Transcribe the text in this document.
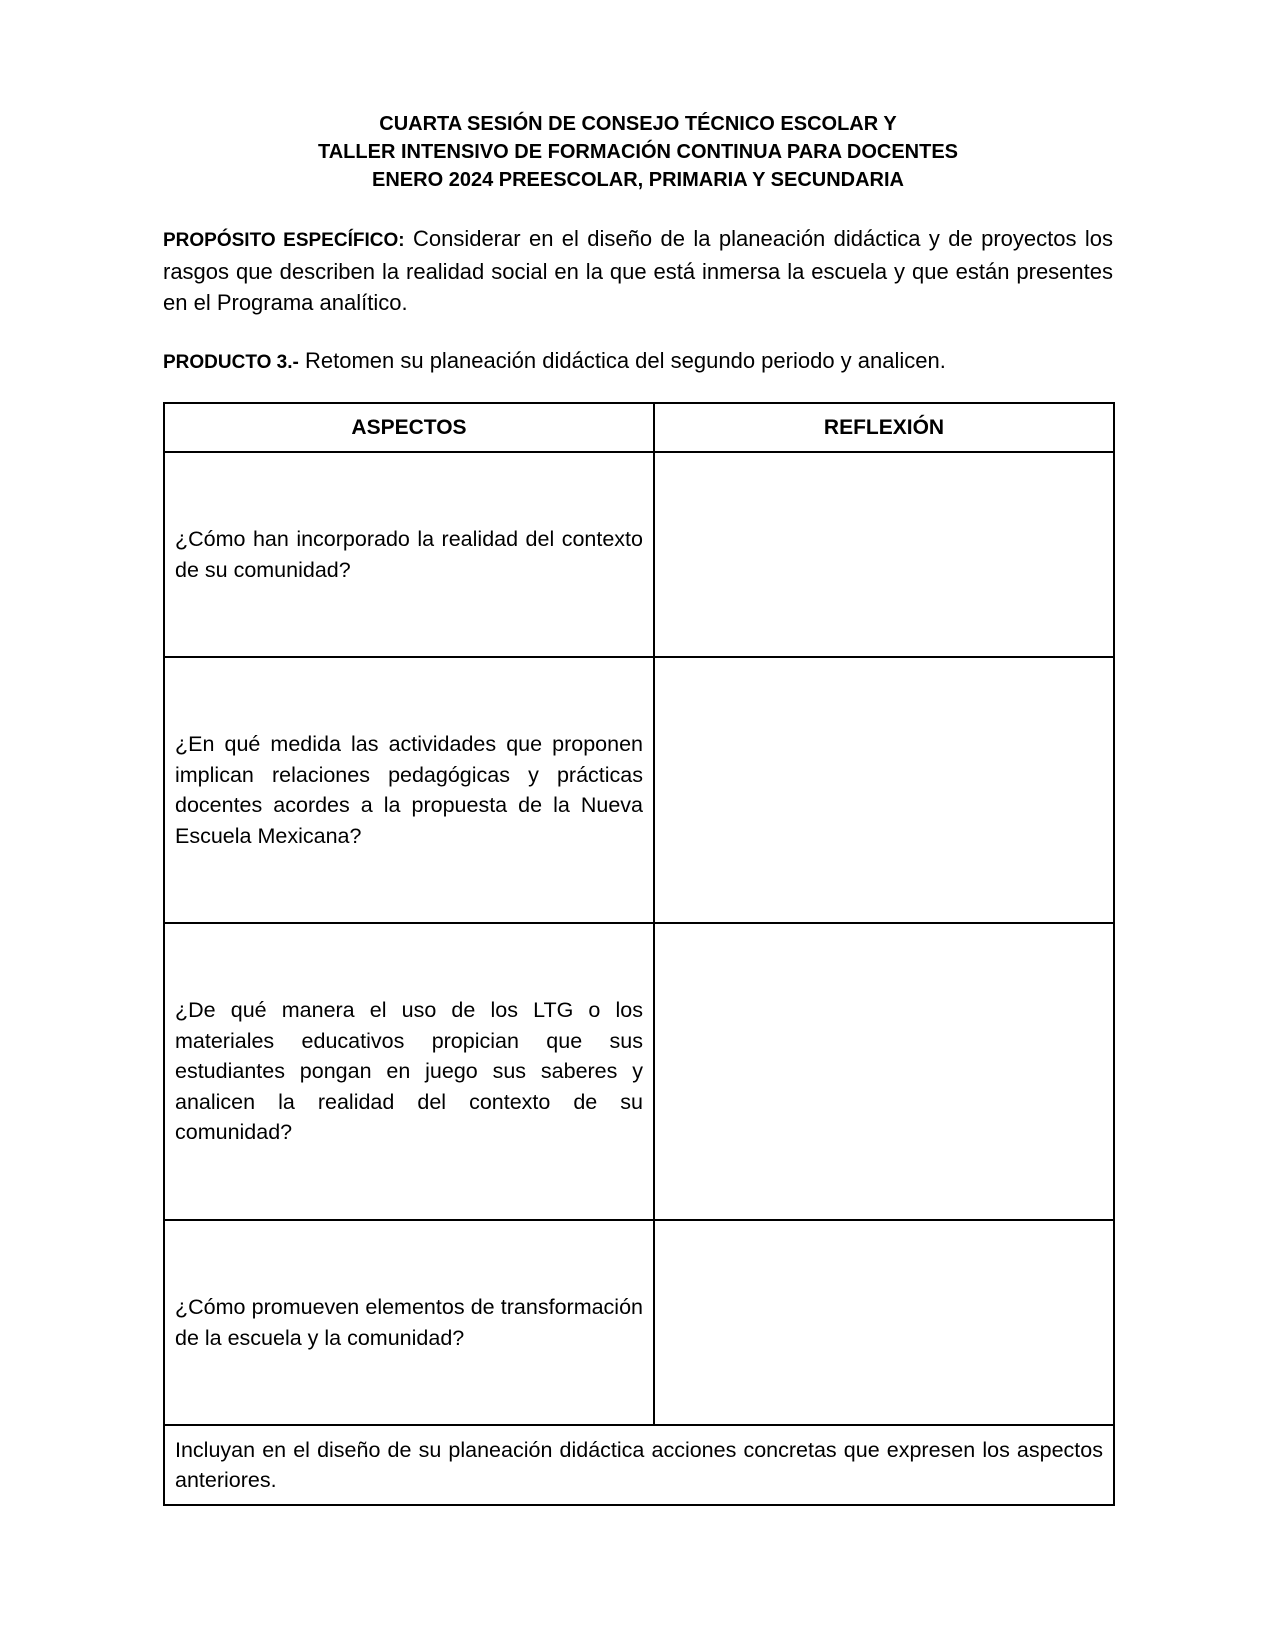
CUARTA SESIÓN DE CONSEJO TÉCNICO ESCOLAR Y
TALLER INTENSIVO DE FORMACIÓN CONTINUA PARA DOCENTES
ENERO 2024 PREESCOLAR, PRIMARIA Y SECUNDARIA
PROPÓSITO ESPECÍFICO: Considerar en el diseño de la planeación didáctica y de proyectos los rasgos que describen la realidad social en la que está inmersa la escuela y que están presentes en el Programa analítico.
PRODUCTO 3.- Retomen su planeación didáctica del segundo periodo y analicen.
ASPECTOS	REFLEXIÓN
¿Cómo han incorporado la realidad del contexto de su comunidad?	
¿En qué medida las actividades que proponen implican relaciones pedagógicas y prácticas docentes acordes a la propuesta de la Nueva Escuela Mexicana?	
¿De qué manera el uso de los LTG o los materiales educativos propician que sus estudiantes pongan en juego sus saberes y analicen la realidad del contexto de su comunidad?	
¿Cómo promueven elementos de transformación de la escuela y la comunidad?	
Incluyan en el diseño de su planeación didáctica acciones concretas que expresen los aspectos anteriores.	
